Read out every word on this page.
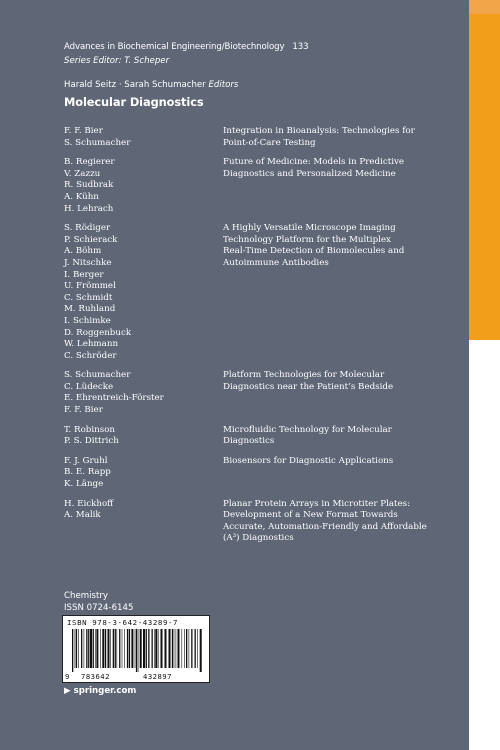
Advances in Biochemical Engineering/Biotechnology 133
Series Editor: T. Scheper
Harald Seitz · Sarah Schumacher Editors
Molecular Diagnostics
F. F. Bier
S. Schumacher
Integration in Bioanalysis: Technologies for
Point-of-Care Testing
B. Regierer
V. Zazzu
R. Sudbrak
A. Kühn
H. Lehrach
Future of Medicine: Models in Predictive
Diagnostics and Personalized Medicine
S. Rödiger
P. Schierack
A. Böhm
J. Nitschke
I. Berger
U. Frömmel
C. Schmidt
M. Ruhland
I. Schimke
D. Roggenbuck
W. Lehmann
C. Schröder
A Highly Versatile Microscope Imaging
Technology Platform for the Multiplex
Real-Time Detection of Biomolecules and
Autoimmune Antibodies
S. Schumacher
C. Lüdecke
E. Ehrentreich-Förster
F. F. Bier
Platform Technologies for Molecular
Diagnostics near the Patient’s Bedside
T. Robinson
P. S. Dittrich
Microfluidic Technology for Molecular
Diagnostics
F. J. Gruhl
B. E. Rapp
K. Länge
Biosensors for Diagnostic Applications
H. Eickhoff
A. Malik
Planar Protein Arrays in Microtiter Plates:
Development of a New Format Towards
Accurate, Automation-Friendly and Affordable
(A³) Diagnostics
Chemistry
ISSN 0724-6145
ISBN 978-3-642-43289-7
9 783642	432897
▶ springer.com
